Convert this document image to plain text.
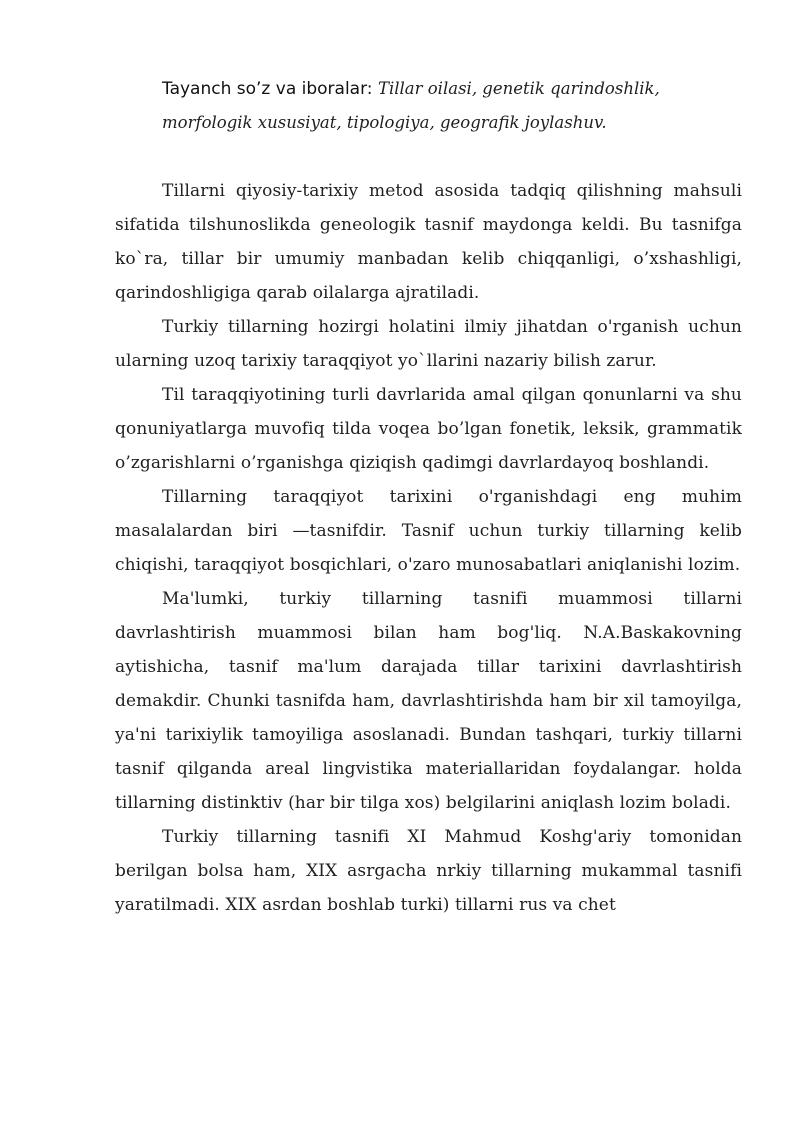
Tayanch so’z va iboralar: Tillar oilasi, genetik qarindoshlik, morfologik xususiyat, tipologiya, geografik joylashuv.

Tillarni qiyosiy-tarixiy metod asosida tadqiq qilishning mahsuli sifatida tilshunoslikda geneologik tasnif maydonga keldi. Bu tasnifga ko`ra, tillar bir umumiy manbadan kelib chiqqanligi, o’xshashligi, qarindoshligiga qarab oilalarga ajratiladi.

Turkiy tillarning hozirgi holatini ilmiy jihatdan o'rganish uchun ularning uzoq tarixiy taraqqiyot yo`llarini nazariy bilish zarur.

Til taraqqiyotining turli davrlarida amal qilgan qonunlarni va shu qonuniyatlarga muvofiq tilda voqea bo’lgan fonetik, leksik, grammatik o’zgarishlarni o’rganishga qiziqish qadimgi davrlardayoq boshlandi.

Tillarning taraqqiyot tarixini o'rganishdagi eng muhim masalalardan biri —tasnifdir. Tasnif uchun turkiy tillarning kelib chiqishi, taraqqiyot bosqichlari, o'zaro munosabatlari aniqlanishi lozim.

Ma'lumki, turkiy tillarning tasnifi muammosi tillarni davrlashtirish muammosi bilan ham bog'liq. N.A.Baskakovning aytishicha, tasnif ma'lum darajada tillar tarixini davrlashtirish demakdir. Chunki tasnifda ham, davrlashtirishda ham bir xil tamoyilga, ya'ni tarixiylik tamoyiliga asoslanadi. Bundan tashqari, turkiy tillarni tasnif qilganda areal lingvistika materiallaridan foydalangar. holda tillarning distinktiv (har bir tilga xos) belgilarini aniqlash lozim boladi.

Turkiy tillarning tasnifi XI Mahmud Koshg'ariy tomonidan berilgan bolsa ham, XIX asrgacha nrkiy tillarning mukammal tasnifi yaratilmadi. XIX asrdan boshlab turki) tillarni rus va chet
